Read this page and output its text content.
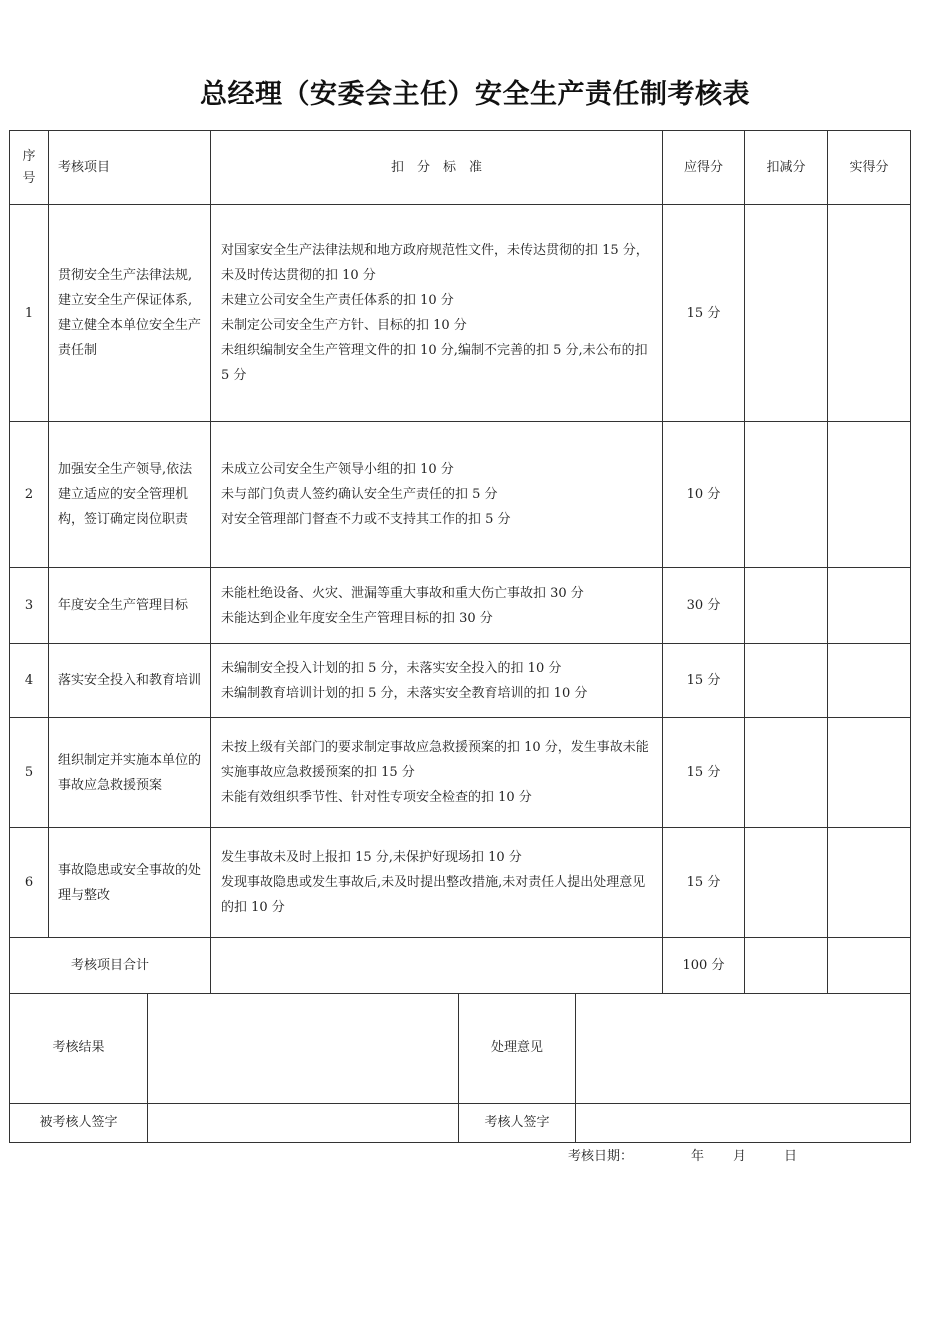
总经理（安委会主任）安全生产责任制考核表
序号	考核项目	扣　分　标　准	应得分	扣减分	实得分
1	贯彻安全生产法律法规,建立安全生产保证体系,建立健全本单位安全生产责任制	对国家安全生产法律法规和地方政府规范性文件，未传达贯彻的扣 15 分，未及时传达贯彻的扣 10 分
未建立公司安全生产责任体系的扣 10 分
未制定公司安全生产方针、目标的扣 10 分
未组织编制安全生产管理文件的扣 10 分,编制不完善的扣 5 分,未公布的扣 5 分	15 分		
2	加强安全生产领导,依法建立适应的安全管理机构，签订确定岗位职责	未成立公司安全生产领导小组的扣 10 分
未与部门负责人签约确认安全生产责任的扣 5 分
对安全管理部门督查不力或不支持其工作的扣 5 分	10 分		
3	年度安全生产管理目标	未能杜绝设备、火灾、泄漏等重大事故和重大伤亡事故扣 30 分
未能达到企业年度安全生产管理目标的扣 30 分	30 分		
4	落实安全投入和教育培训	未编制安全投入计划的扣 5 分，未落实安全投入的扣 10 分
未编制教育培训计划的扣 5 分，未落实安全教育培训的扣 10 分	15 分		
5	组织制定并实施本单位的事故应急救援预案	未按上级有关部门的要求制定事故应急救援预案的扣 10 分，发生事故未能实施事故应急救援预案的扣 15 分
未能有效组织季节性、针对性专项安全检查的扣 10 分	15 分		
6	事故隐患或安全事故的处理与整改	发生事故未及时上报扣 15 分,未保护好现场扣 10 分
发现事故隐患或发生事故后,未及时提出整改措施,未对责任人提出处理意见的扣 10 分	15 分		
考核项目合计			100 分		
考核结果		处理意见	
被考核人签字		考核人签字	
考核日期：	年 月	日
